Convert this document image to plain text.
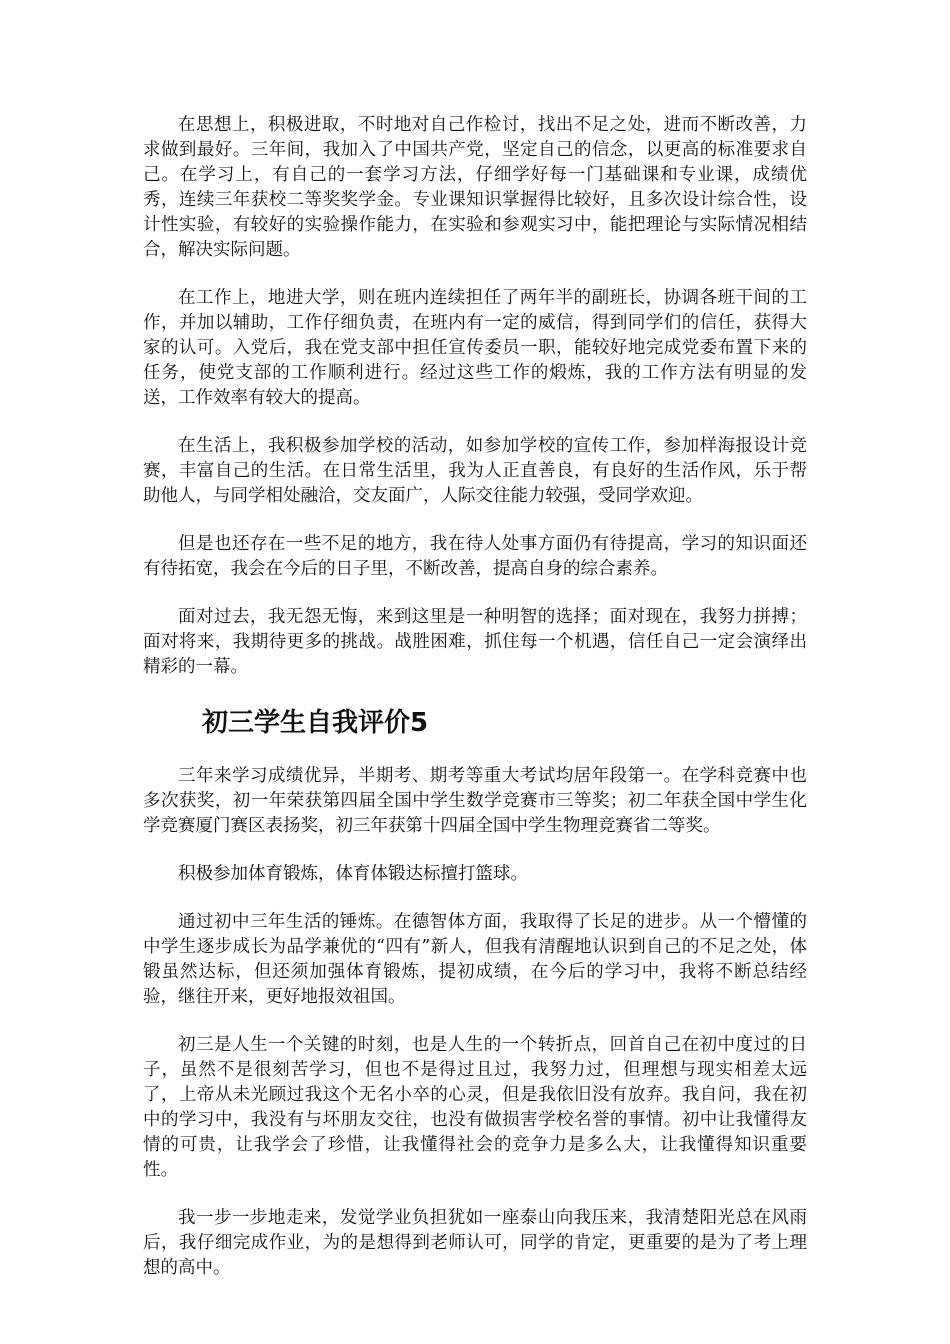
在思想上，积极进取，不时地对自己作检讨，找出不足之处，进而不断改善，力求做到最好。三年间，我加入了中国共产党，坚定自己的信念，以更高的标准要求自己。在学习上，有自己的一套学习方法，仔细学好每一门基础课和专业课，成绩优秀，连续三年获校二等奖奖学金。专业课知识掌握得比较好，且多次设计综合性，设计性实验，有较好的实验操作能力，在实验和参观实习中，能把理论与实际情况相结合，解决实际问题。

在工作上，地进大学，则在班内连续担任了两年半的副班长，协调各班干间的工作，并加以辅助，工作仔细负责，在班内有一定的威信，得到同学们的信任，获得大家的认可。入党后，我在党支部中担任宣传委员一职，能较好地完成党委布置下来的任务，使党支部的工作顺利进行。经过这些工作的煅炼，我的工作方法有明显的发送，工作效率有较大的提高。

在生活上，我积极参加学校的活动，如参加学校的宣传工作，参加样海报设计竞赛，丰富自己的生活。在日常生活里，我为人正直善良，有良好的生活作风，乐于帮助他人，与同学相处融洽，交友面广，人际交往能力较强，受同学欢迎。

但是也还存在一些不足的地方，我在待人处事方面仍有待提高，学习的知识面还有待拓宽，我会在今后的日子里，不断改善，提高自身的综合素养。

面对过去，我无怨无悔，来到这里是一种明智的选择；面对现在，我努力拼搏；面对将来，我期待更多的挑战。战胜困难，抓住每一个机遇，信任自己一定会演绎出精彩的一幕。

初三学生自我评价5

三年来学习成绩优异，半期考、期考等重大考试均居年段第一。在学科竞赛中也多次获奖，初一年荣获第四届全国中学生数学竞赛市三等奖；初二年获全国中学生化学竞赛厦门赛区表扬奖，初三年获第十四届全国中学生物理竞赛省二等奖。

积极参加体育锻炼，体育体锻达标擅打篮球。

通过初中三年生活的锤炼。在德智体方面，我取得了长足的进步。从一个懵懂的中学生逐步成长为品学兼优的“四有”新人，但我有清醒地认识到自己的不足之处，体锻虽然达标，但还须加强体育锻炼，提初成绩，在今后的学习中，我将不断总结经验，继往开来，更好地报效祖国。

初三是人生一个关键的时刻，也是人生的一个转折点，回首自己在初中度过的日子，虽然不是很刻苦学习，但也不是得过且过，我努力过，但理想与现实相差太远了，上帝从未光顾过我这个无名小卒的心灵，但是我依旧没有放弃。我自问，我在初中的学习中，我没有与坏朋友交往，也没有做损害学校名誉的事情。初中让我懂得友情的可贵，让我学会了珍惜，让我懂得社会的竞争力是多么大，让我懂得知识重要性。

我一步一步地走来，发觉学业负担犹如一座泰山向我压来，我清楚阳光总在风雨后，我仔细完成作业，为的是想得到老师认可，同学的肯定，更重要的是为了考上理想的高中。
